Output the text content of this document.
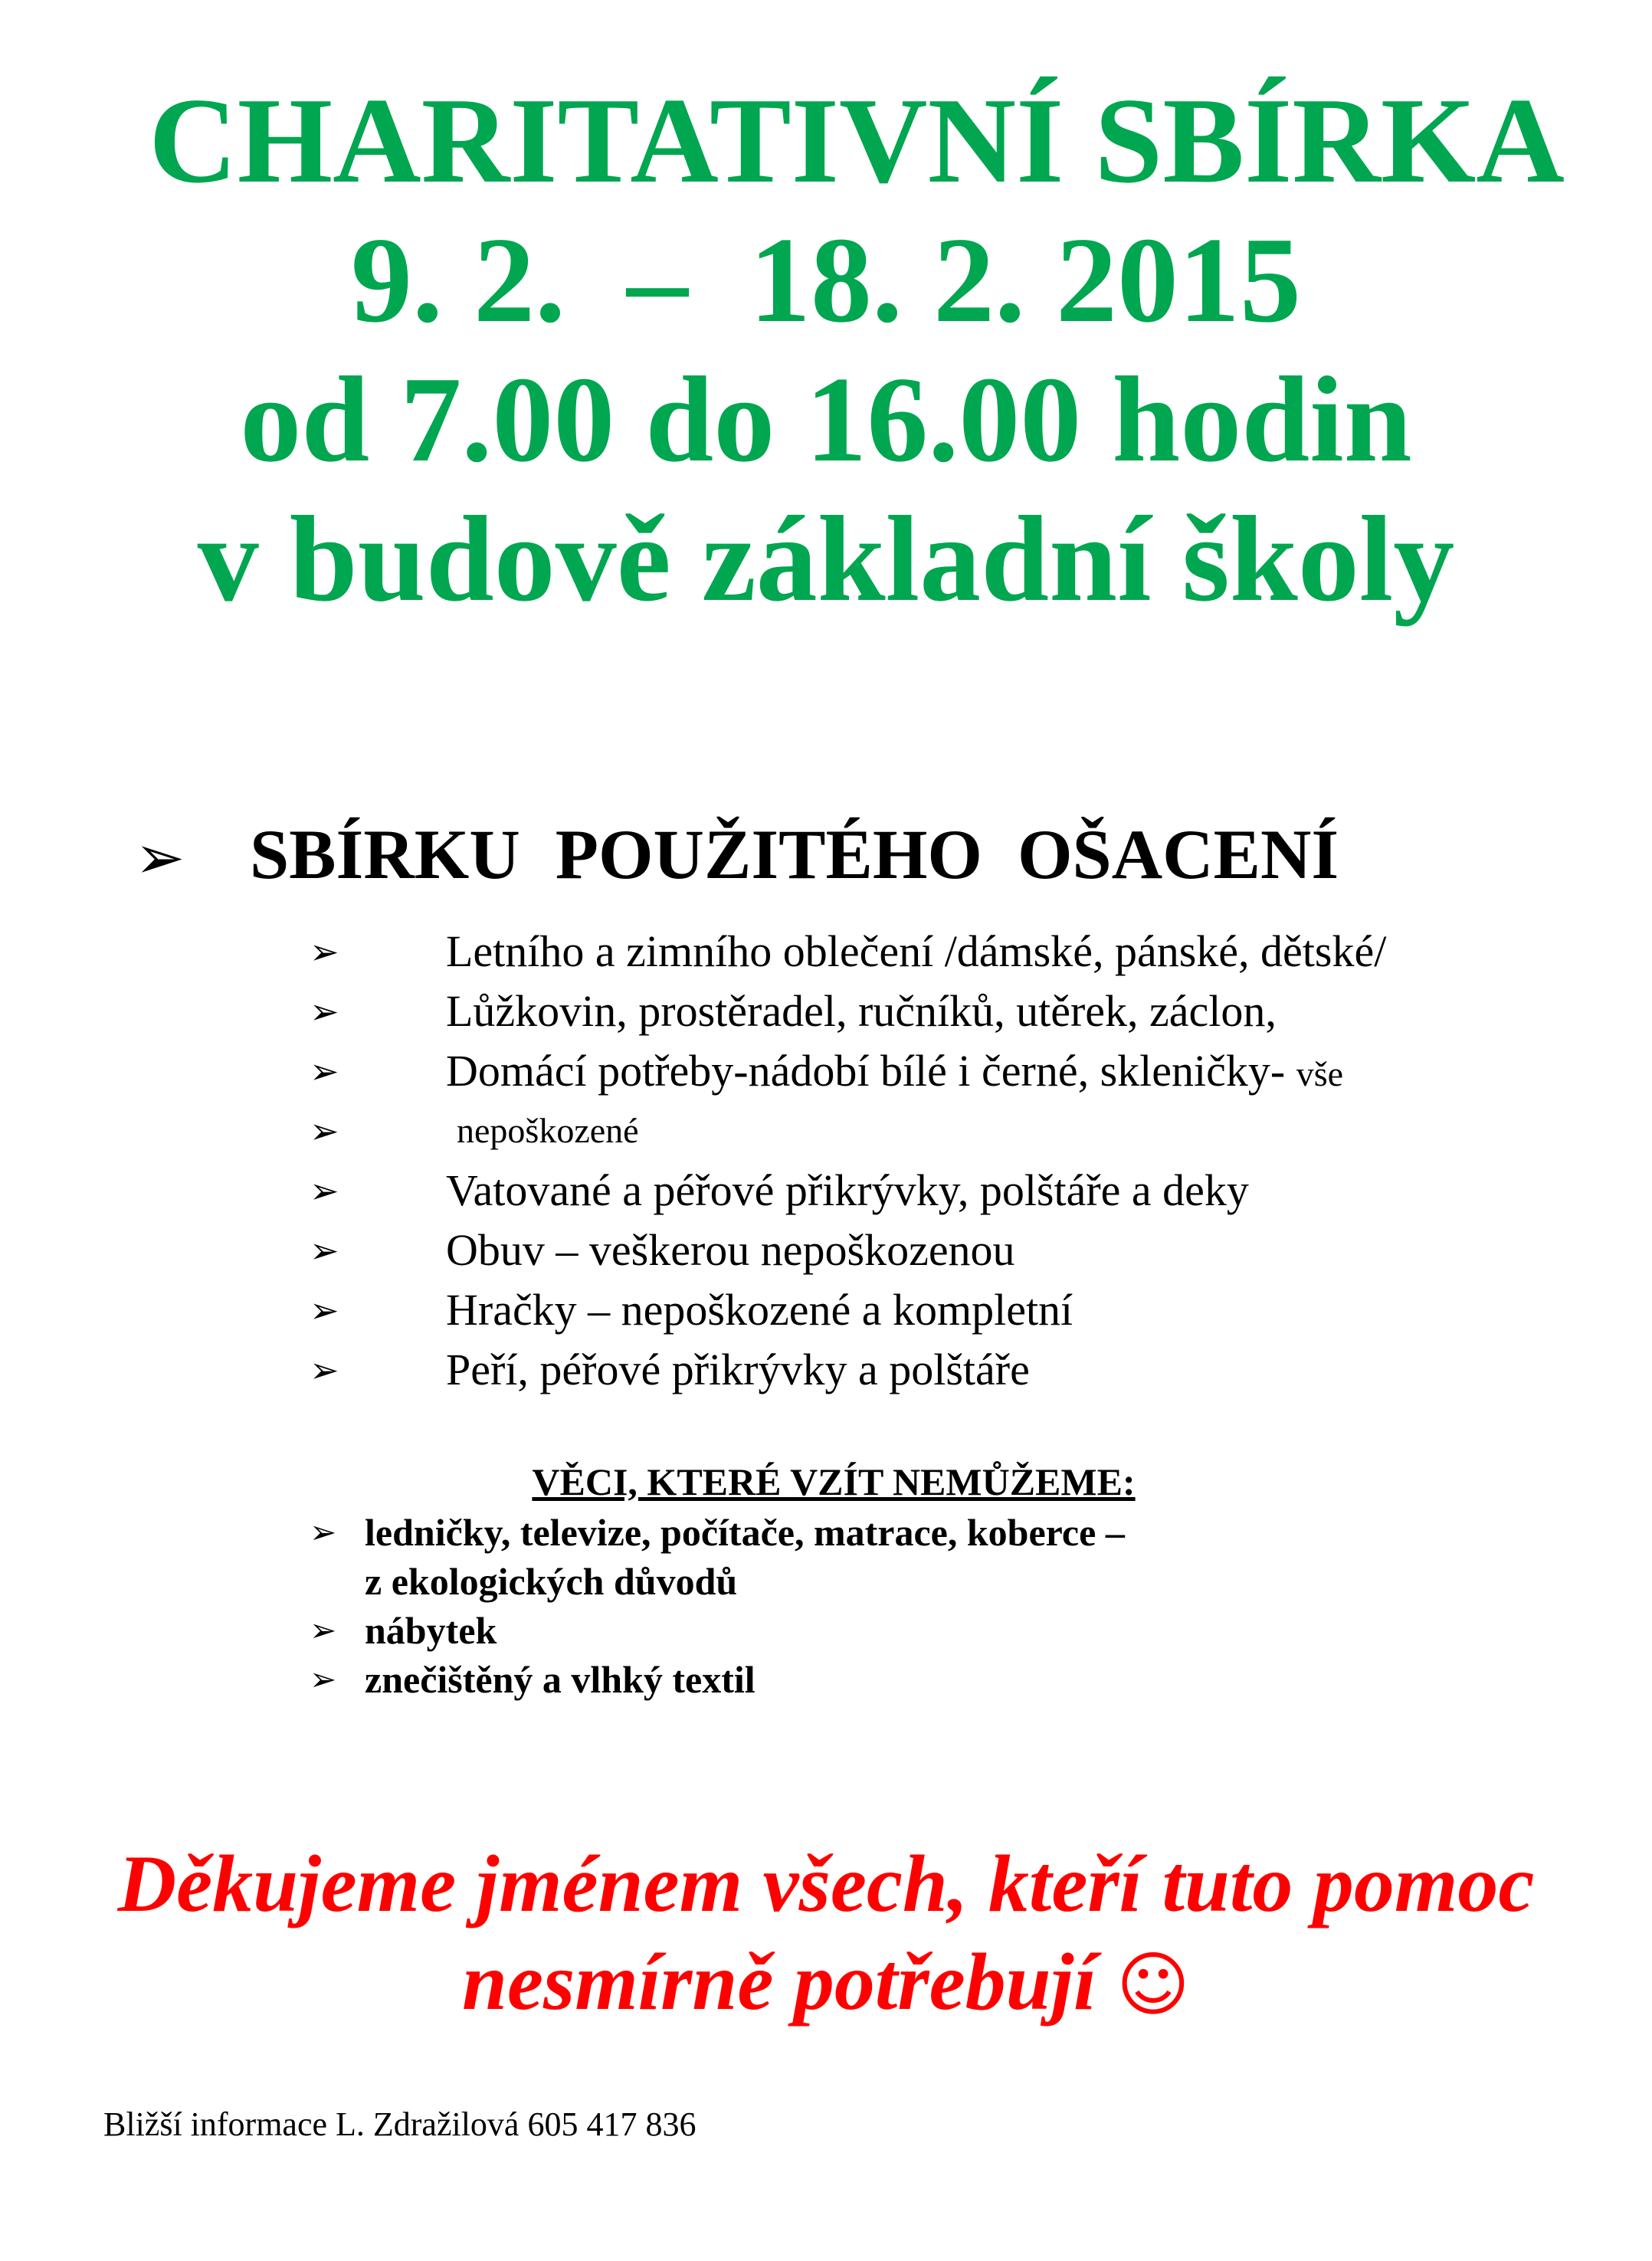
CHARITATIVNÍ SBÍRKA
9. 2.  –  18. 2. 2015
od 7.00 do 16.00 hodin
v budově základní školy
➢ SBÍRKU  POUŽITÉHO  OŠACENÍ
➢ Letního a zimního oblečení /dámské, pánské, dětské/
➢ Lůžkovin, prostěradel, ručníků, utěrek, záclon,
➢ Domácí potřeby-nádobí bílé i černé, skleničky- vše
➢	nepoškozené
➢ Vatované a péřové přikrývky, polštáře a deky
➢ Obuv – veškerou nepoškozenou
➢ Hračky – nepoškozené a kompletní
➢ Peří, péřové přikrývky a polštáře
VĚCI, KTERÉ VZÍT NEMŮŽEME:
➢ ledničky, televize, počítače, matrace, koberce –
z ekologických důvodů
➢ nábytek
➢ znečištěný a vlhký textil
Děkujeme jménem všech, kteří tuto pomoc
nesmírně potřebují ☺
Bližší informace L. Zdražilová 605 417 836
